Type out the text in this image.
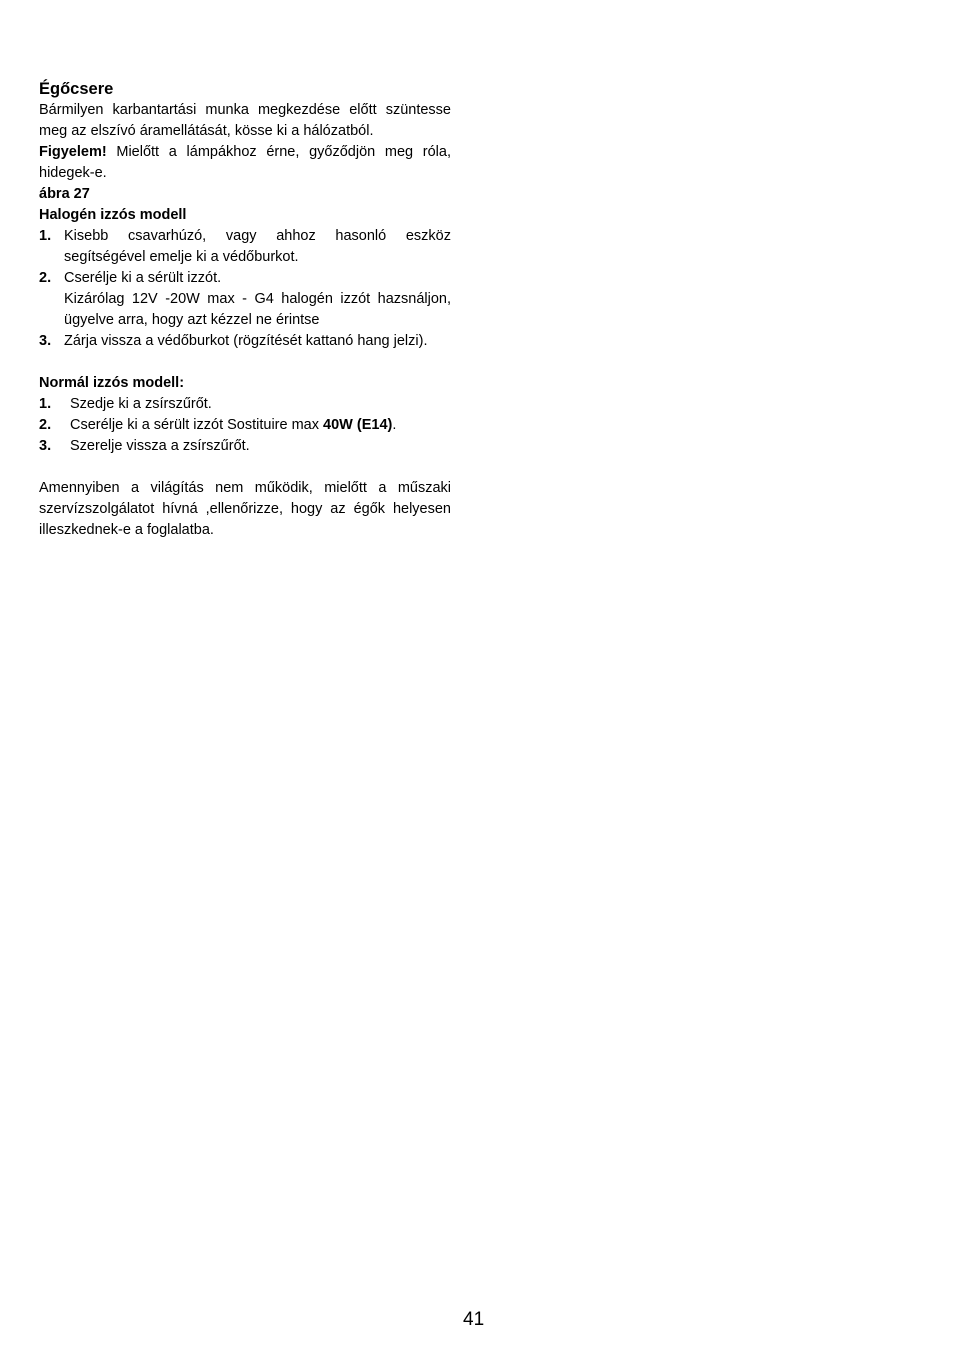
Égőcsere

Bármilyen karbantartási munka megkezdése előtt szüntesse meg az elszívó áramellátását, kösse ki a hálózatból.

Figyelem! Mielőtt a lámpákhoz érne, győződjön meg róla, hidegek-e.

ábra 27

Halogén izzós modell

1. Kisebb csavarhúzó, vagy ahhoz hasonló eszköz segítségével emelje ki a védőburkot.
2. Cserélje ki a sérült izzót.
Kizárólag 12V -20W max - G4 halogén izzót hazsnáljon, ügyelve arra, hogy azt kézzel ne érintse
3. Zárja vissza a védőburkot (rögzítését kattanó hang jelzi).

Normál izzós modell:

1.	Szedje ki a zsírszűrőt.
2.	Cserélje ki a sérült izzót Sostituire max 40W (E14).
3.	Szerelje vissza a zsírszűrőt.

Amennyiben a világítás nem működik, mielőtt a műszaki szervízszolgálatot hívná ,ellenőrizze, hogy az égők helyesen illeszkednek-e a foglalatba.

41
